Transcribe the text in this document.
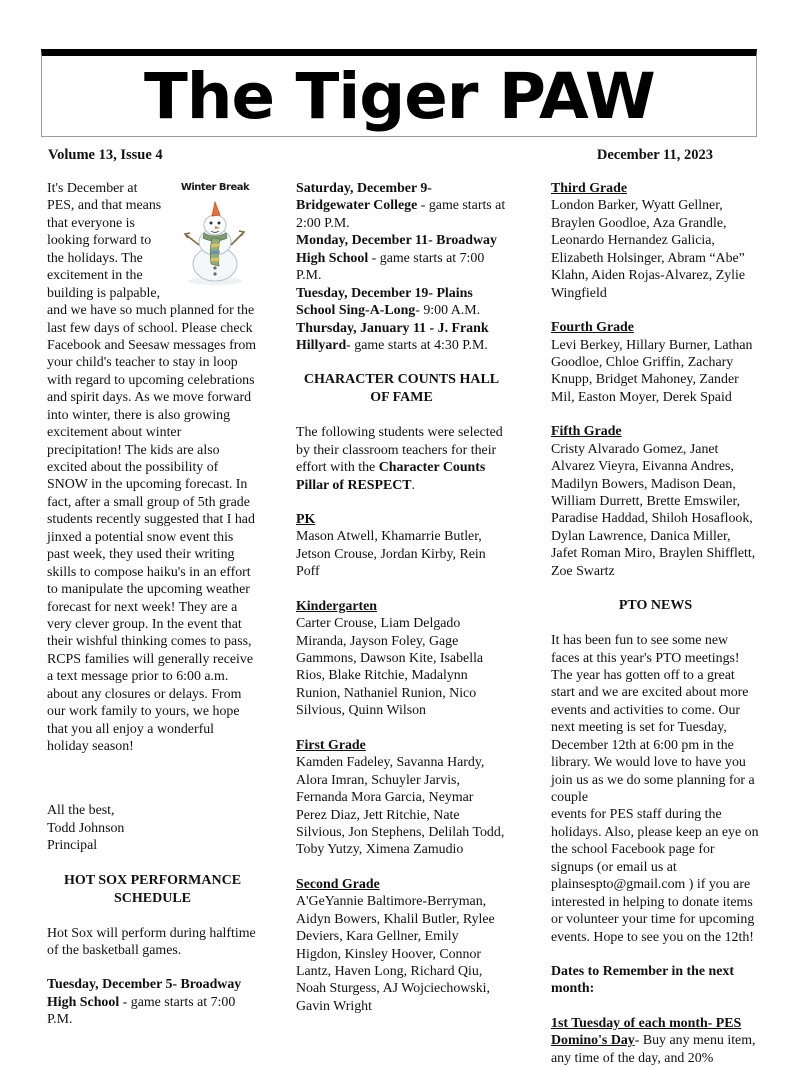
The Tiger PAW
Volume 13, Issue 4	December 11, 2023
Winter Break

It's December at PES, and that means that everyone is looking forward to the holidays. The excitement in the building is palpable, and we have so much planned for the last few days of school. Please check Facebook and Seesaw messages from your child's teacher to stay in loop with regard to upcoming celebrations and spirit days. As we move forward into winter, there is also growing excitement about winter precipitation! The kids are also excited about the possibility of SNOW in the upcoming forecast. In fact, after a small group of 5th grade students recently suggested that I had jinxed a potential snow event this past week, they used their writing skills to compose haiku's in an effort to manipulate the upcoming weather forecast for next week! They are a very clever group. In the event that their wishful thinking comes to pass, RCPS families will generally receive a text message prior to 6:00 a.m. about any closures or delays. From our work family to yours, we hope that you all enjoy a wonderful holiday season!

All the best,

Todd Johnson

Principal

HOT SOX PERFORMANCE SCHEDULE

Hot Sox will perform during halftime of the basketball games.

Tuesday, December 5- Broadway High School - game starts at 7:00 P.M.

Saturday, December 9- Bridgewater College - game starts at 2:00 P.M.

Monday, December 11- Broadway High School - game starts at 7:00 P.M.

Tuesday, December 19- Plains School Sing-A-Long- 9:00 A.M.

Thursday, January 11 - J. Frank Hillyard- game starts at 4:30 P.M.

CHARACTER COUNTS HALL OF FAME

The following students were selected by their classroom teachers for their effort with the Character Counts Pillar of RESPECT.

PK

Mason Atwell, Khamarrie Butler, Jetson Crouse, Jordan Kirby, Rein Poff

Kindergarten

Carter Crouse, Liam Delgado Miranda, Jayson Foley, Gage Gammons, Dawson Kite, Isabella Rios, Blake Ritchie, Madalynn Runion, Nathaniel Runion, Nico Silvious, Quinn Wilson

First Grade

Kamden Fadeley, Savanna Hardy, Alora Imran, Schuyler Jarvis, Fernanda Mora Garcia, Neymar Perez Diaz, Jett Ritchie, Nate Silvious, Jon Stephens, Delilah Todd, Toby Yutzy, Ximena Zamudio

Second Grade

A'GeYannie Baltimore-Berryman, Aidyn Bowers, Khalil Butler, Rylee Deviers, Kara Gellner, Emily Higdon, Kinsley Hoover, Connor Lantz, Haven Long, Richard Qiu, Noah Sturgess, AJ Wojciechowski, Gavin Wright

Third Grade

London Barker, Wyatt Gellner, Braylen Goodloe, Aza Grandle, Leonardo Hernandez Galicia, Elizabeth Holsinger, Abram “Abe” Klahn, Aiden Rojas-Alvarez, Zylie Wingfield

Fourth Grade

Levi Berkey, Hillary Burner, Lathan Goodloe, Chloe Griffin, Zachary Knupp, Bridget Mahoney, Zander Mil, Easton Moyer, Derek Spaid

Fifth Grade

Cristy Alvarado Gomez, Janet Alvarez Vieyra, Eivanna Andres, Madilyn Bowers, Madison Dean, William Durrett, Brette Emswiler, Paradise Haddad, Shiloh Hosaflook, Dylan Lawrence, Danica Miller, Jafet Roman Miro, Braylen Shifflett, Zoe Swartz

PTO NEWS

It has been fun to see some new faces at this year's PTO meetings! The year has gotten off to a great start and we are excited about more events and activities to come. Our next meeting is set for Tuesday, December 12th at 6:00 pm in the library. We would love to have you join us as we do some planning for a couple

events for PES staff during the holidays. Also, please keep an eye on the school Facebook page for signups (or email us at plainsespto@gmail.com ) if you are interested in helping to donate items or volunteer your time for upcoming events. Hope to see you on the 12th!

Dates to Remember in the next month:

1st Tuesday of each month- PES Domino's Day- Buy any menu item, any time of the day, and 20%
